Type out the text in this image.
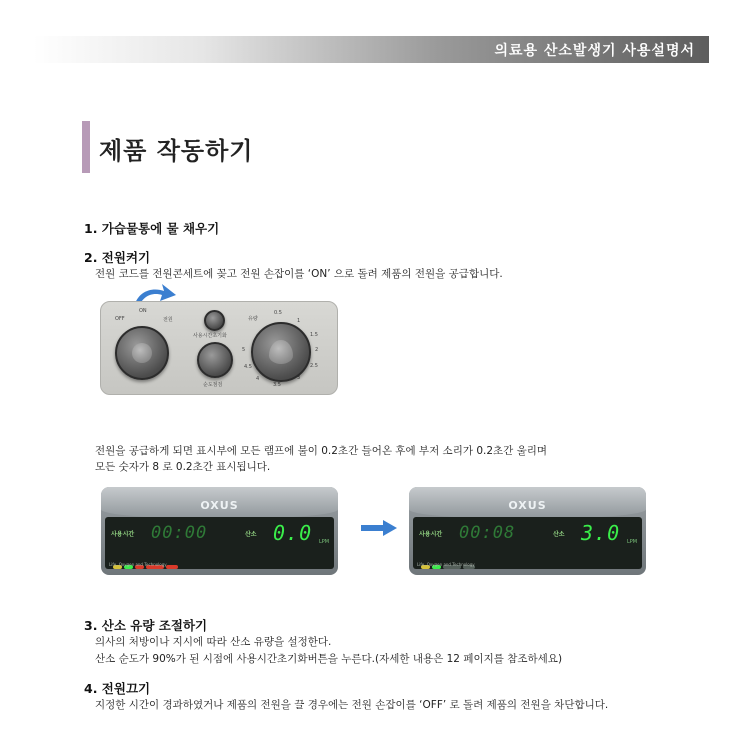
의료용 산소발생기 사용설명서
제품 작동하기
1. 가습물통에 물 채우기
2. 전원켜기
전원 코드를 전원콘세트에 꽂고 전원 손잡이를 ‘ON’ 으로 돌려 제품의 전원을 공급합니다.
OFF
ON
전원
사용시간초기화
순도점검
유량
0.5
1
1.5
2
2.5
3
3.5
4
4.5
5
전원을 공급하게 되면 표시부에 모든 램프에 불이 0.2초간 들어온 후에 부저 소리가 0.2초간 울리며
모든 숫자가 8 로 0.2초간 표시됩니다.
OXUS
사용시간 00:00	산소 0.0 LPM
Life, Oxygen and Technology
OXUS
사용시간 00:08	산소 3.0 LPM
Life, Oxygen and Technology
3. 산소 유량 조절하기
의사의 처방이나 지시에 따라 산소 유량을 설정한다.
산소 순도가 90%가 된 시점에 사용시간초기화버튼을 누른다.(자세한 내용은 12 페이지를 참조하세요)
4. 전원끄기
지정한 시간이 경과하였거나 제품의 전원을 끌 경우에는 전원 손잡이를 ‘OFF’ 로 돌려 제품의 전원을 차단합니다.
